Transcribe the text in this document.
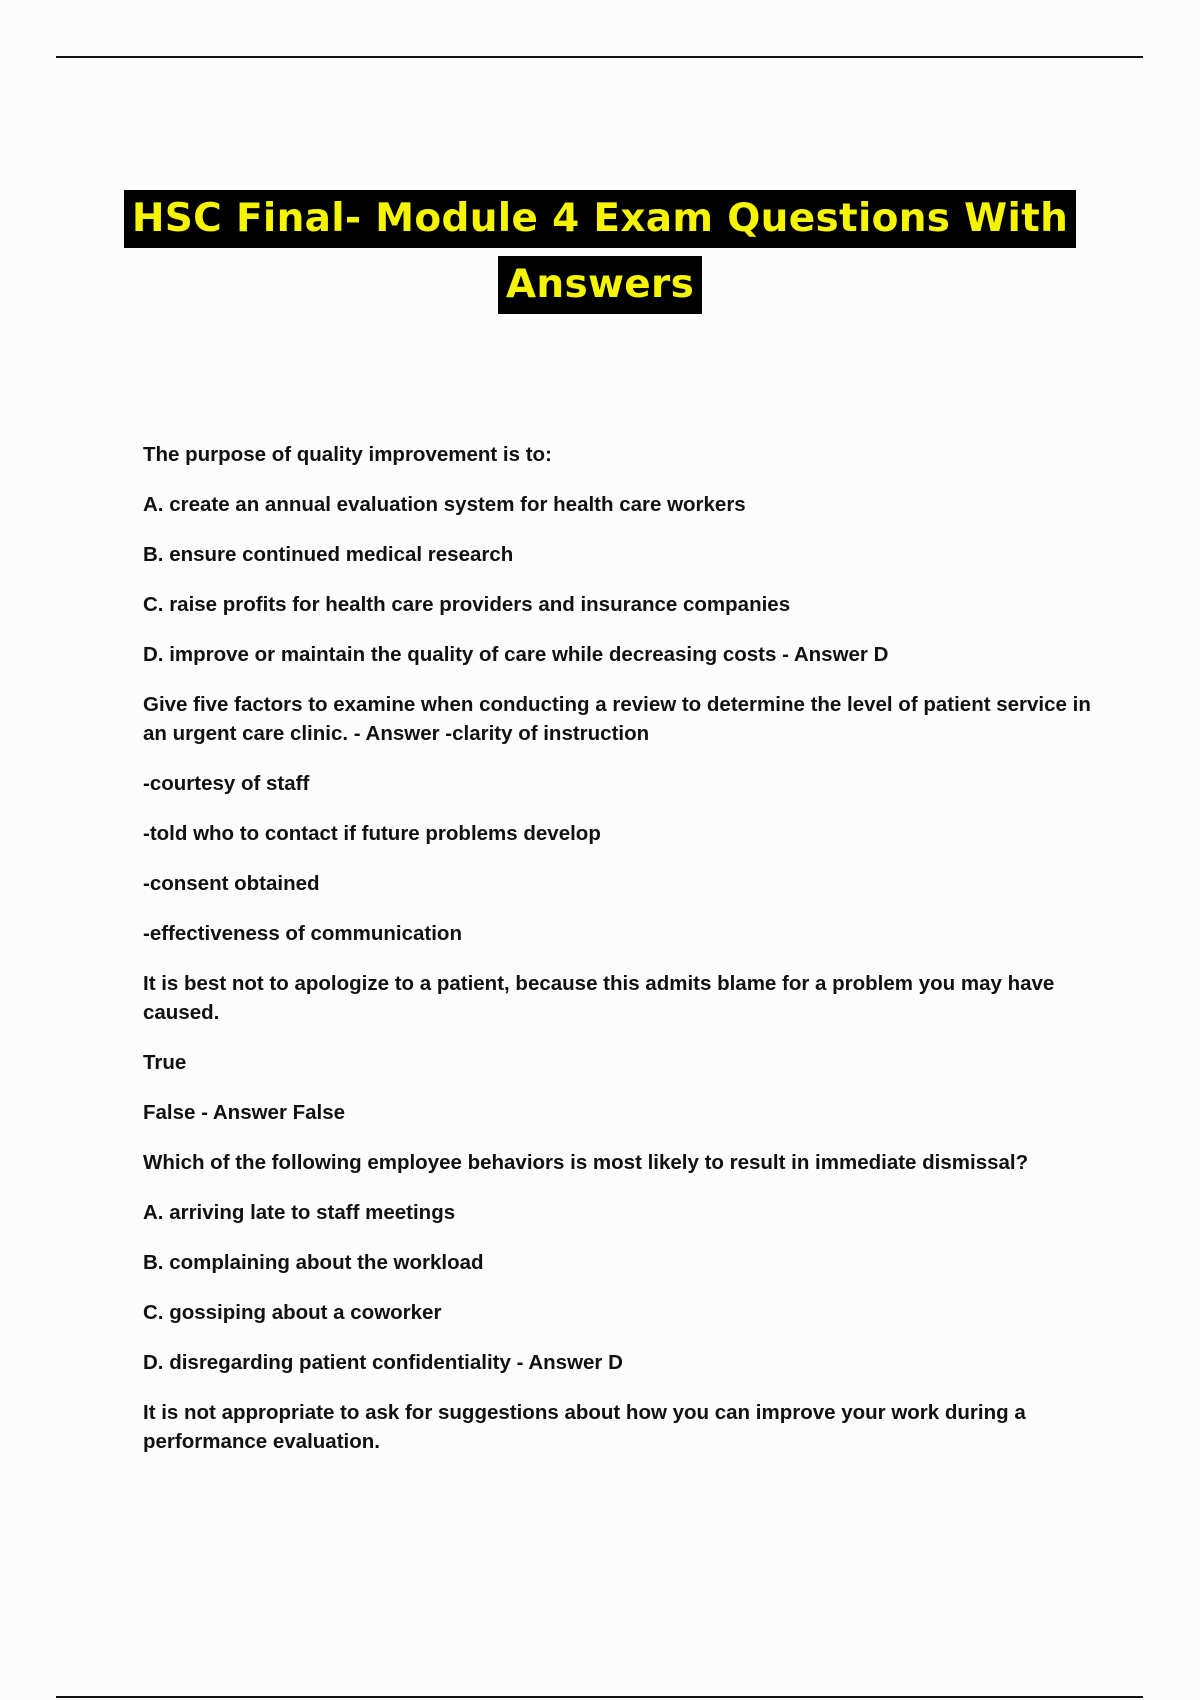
HSC Final- Module 4 Exam Questions With
Answers

The purpose of quality improvement is to:

A. create an annual evaluation system for health care workers

B. ensure continued medical research

C. raise profits for health care providers and insurance companies

D. improve or maintain the quality of care while decreasing costs - Answer D

Give five factors to examine when conducting a review to determine the level of patient service in an urgent care clinic. - Answer -clarity of instruction

-courtesy of staff

-told who to contact if future problems develop

-consent obtained

-effectiveness of communication

It is best not to apologize to a patient, because this admits blame for a problem you may have caused.

True

False - Answer False

Which of the following employee behaviors is most likely to result in immediate dismissal?

A. arriving late to staff meetings

B. complaining about the workload

C. gossiping about a coworker

D. disregarding patient confidentiality - Answer D

It is not appropriate to ask for suggestions about how you can improve your work during a performance evaluation.
